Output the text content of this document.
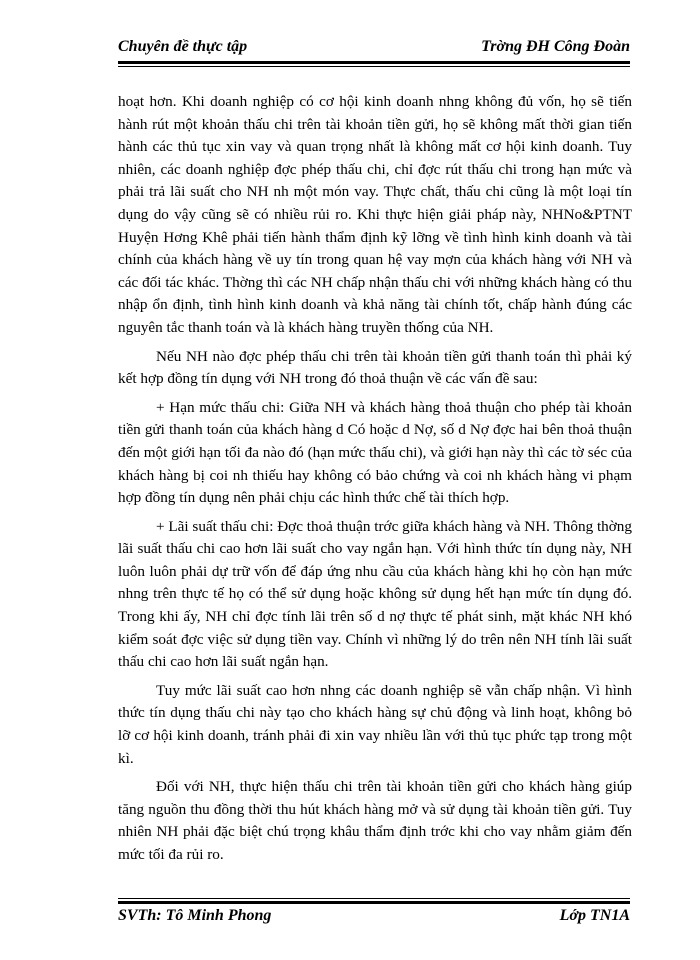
Chuyên đề thực tập	Trờng ĐH Công Đoàn

hoạt hơn. Khi doanh nghiệp có cơ hội kinh doanh nhng không đủ vốn, họ sẽ tiến hành rút một khoản thấu chi trên tài khoản tiền gửi, họ sẽ không mất thời gian tiến hành các thủ tục xin vay và quan trọng nhất là không mất cơ hội kinh doanh. Tuy nhiên, các doanh nghiệp đợc phép thấu chi, chỉ đợc rút thấu chi trong hạn mức và phải trả lãi suất cho NH nh một món vay. Thực chất, thấu chi cũng là một loại tín dụng do vậy cũng sẽ có nhiều rủi ro. Khi thực hiện giải pháp này, NHNo&PTNT Huyện Hơng Khê phải tiến hành thẩm định kỹ lỡng về tình hình kinh doanh và tài chính của khách hàng về uy tín trong quan hệ vay mợn của khách hàng với NH và các đối tác khác. Thờng thì các NH chấp nhận thấu chi với những khách hàng có thu nhập ổn định, tình hình kinh doanh và khả năng tài chính tốt, chấp hành đúng các nguyên tắc thanh toán và là khách hàng truyền thống của NH.

Nếu NH nào đợc phép thấu chi trên tài khoản tiền gửi thanh toán thì phải ký kết hợp đồng tín dụng với NH trong đó thoả thuận về các vấn đề sau:

+ Hạn mức thấu chi: Giữa NH và khách hàng thoả thuận cho phép tài khoản tiền gửi thanh toán của khách hàng d Có hoặc d Nợ, số d Nợ đợc hai bên thoả thuận đến một giới hạn tối đa nào đó (hạn mức thấu chi), và giới hạn này thì các tờ séc của khách hàng bị coi nh thiếu hay không có bảo chứng và coi nh khách hàng vi phạm hợp đồng tín dụng nên phải chịu các hình thức chế tài thích hợp.

+ Lãi suất thấu chi: Đợc thoả thuận trớc giữa khách hàng và NH. Thông thờng lãi suất thấu chi cao hơn lãi suất cho vay ngắn hạn. Với hình thức tín dụng này, NH luôn luôn phải dự trữ vốn để đáp ứng nhu cầu của khách hàng khi họ còn hạn mức nhng trên thực tế họ có thể sử dụng hoặc không sử dụng hết hạn mức tín dụng đó. Trong khi ấy, NH chỉ đợc tính lãi trên số d nợ thực tế phát sinh, mặt khác NH khó kiểm soát đợc việc sử dụng tiền vay. Chính vì những lý do trên nên NH tính lãi suất thấu chi cao hơn lãi suất ngắn hạn.

Tuy mức lãi suất cao hơn nhng các doanh nghiệp sẽ vẫn chấp nhận. Vì hình thức tín dụng thấu chi này tạo cho khách hàng sự chủ động và linh hoạt, không bỏ lỡ cơ hội kinh doanh, tránh phải đi xin vay nhiều lần với thủ tục phức tạp trong một kì.

Đối với NH, thực hiện thấu chi trên tài khoản tiền gửi cho khách hàng giúp tăng nguồn thu đồng thời thu hút khách hàng mở và sử dụng tài khoản tiền gửi. Tuy nhiên NH phải đặc biệt chú trọng khâu thẩm định trớc khi cho vay nhằm giảm đến mức tối đa rủi ro.

SVTh: Tô Minh Phong	Lớp TN1A
